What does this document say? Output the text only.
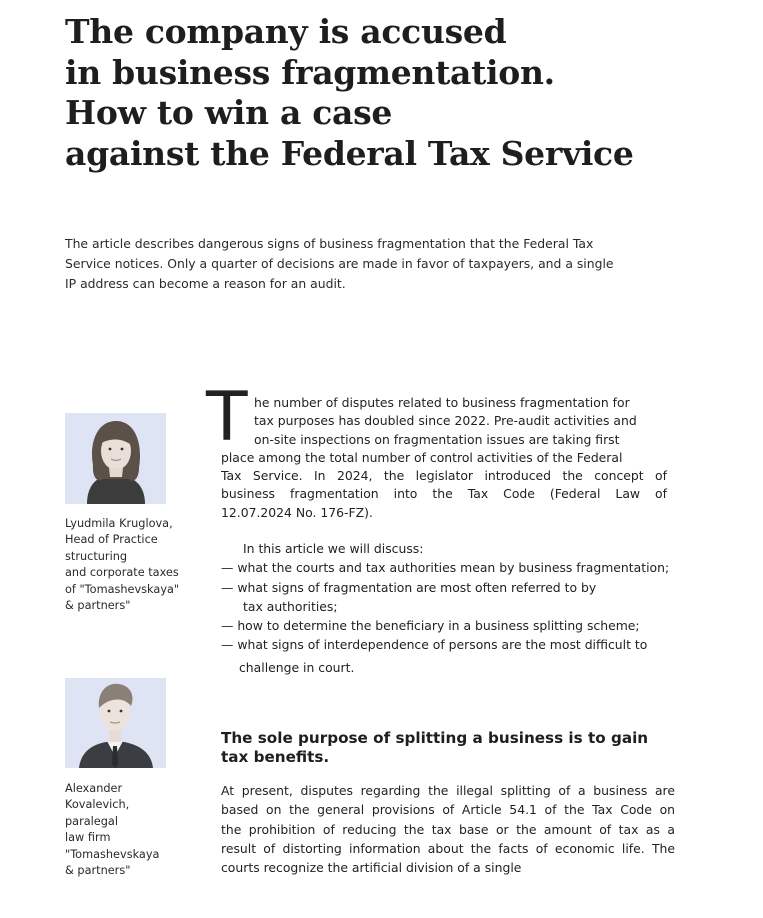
The company is accused
in business fragmentation.
How to win a case
against the Federal Tax Service

The article describes dangerous signs of business fragmentation that the Federal Tax
Service notices. Only a quarter of decisions are made in favor of taxpayers, and a single
IP address can become a reason for an audit.

Lyudmila Kruglova,
Head of Practice
structuring
and corporate taxes
of "Tomashevskaya"
& partners"

Alexander
Kovalevich,
paralegal
law firm
"Tomashevskaya
& partners"

T he number of disputes related to business fragmentation for
tax purposes has doubled since 2022. Pre-audit activities and
on-site inspections on fragmentation issues are taking first
place among the total number of control activities of the Federal
Tax Service. In 2024, the legislator introduced the concept of
business fragmentation into the Tax Code (Federal Law of
12.07.2024 No. 176-FZ).

In this article we will discuss:
— what the courts and tax authorities mean by business fragmentation;
— what signs of fragmentation are most often referred to by
tax authorities;
— how to determine the beneficiary in a business splitting scheme;
— what signs of interdependence of persons are the most difficult to
challenge in court.
The sole purpose of splitting a business is to gain
tax benefits.

At present, disputes regarding the illegal splitting of a business are
based on the general provisions of Article 54.1 of the Tax Code on
the prohibition of reducing the tax base or the amount of tax as a
result of distorting information about the facts of economic life. The
courts recognize the artificial division of a single
